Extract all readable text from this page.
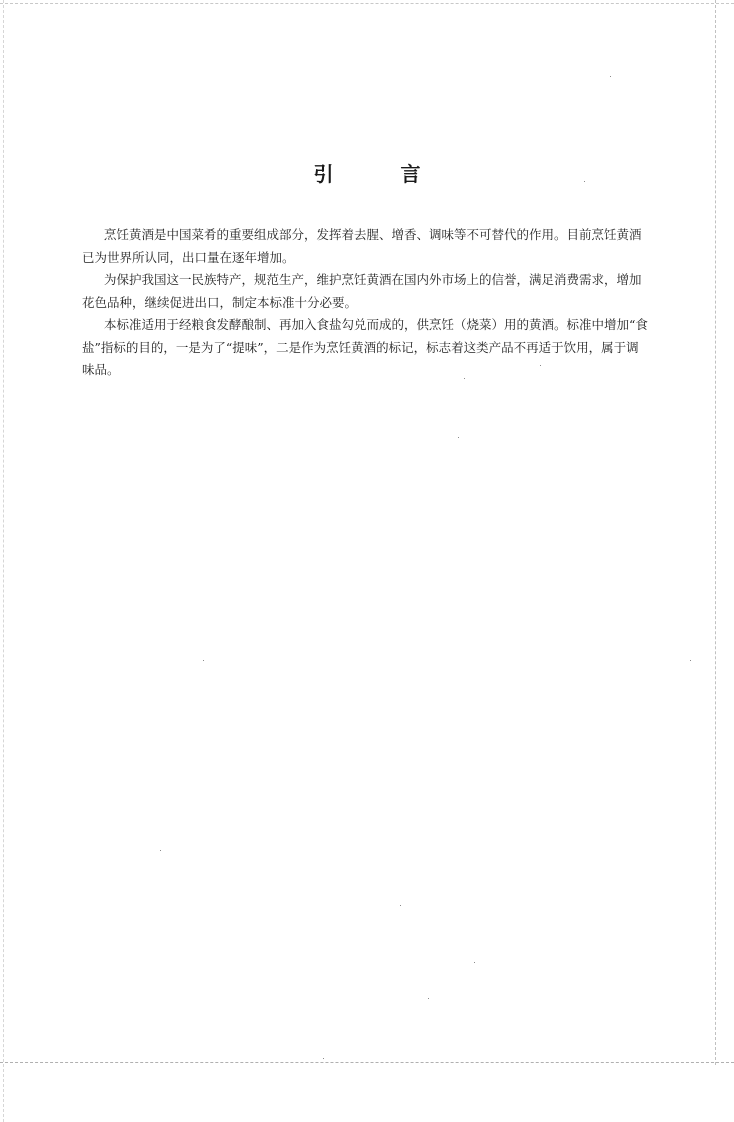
引 言
烹饪黄酒是中国菜肴的重要组成部分，发挥着去腥、增香、调味等不可替代的作用。目前烹饪黄酒
已为世界所认同，出口量在逐年增加。
为保护我国这一民族特产，规范生产，维护烹饪黄酒在国内外市场上的信誉，满足消费需求，增加
花色品种，继续促进出口，制定本标准十分必要。
本标准适用于经粮食发酵酿制、再加入食盐勾兑而成的，供烹饪（烧菜）用的黄酒。标准中增加“食
盐”指标的目的，一是为了“提味”，二是作为烹饪黄酒的标记，标志着这类产品不再适于饮用，属于调
味品。
